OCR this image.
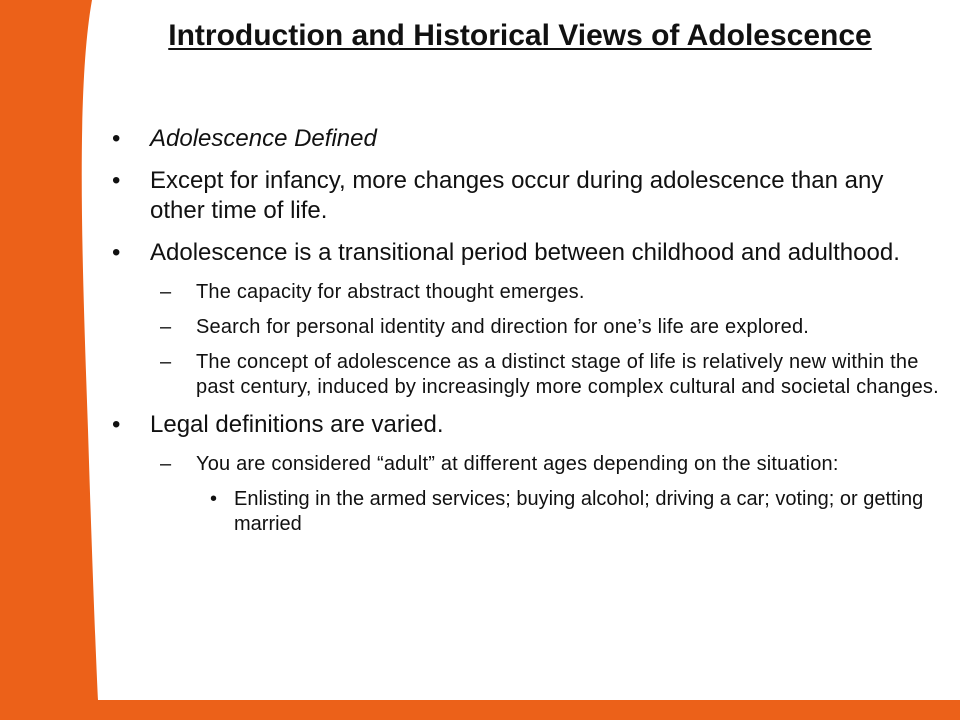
Introduction and Historical Views of Adolescence
• Adolescence Defined
• Except for infancy, more changes occur during adolescence than any other time of life.
• Adolescence is a transitional period between childhood and adulthood.
– The capacity for abstract thought emerges.
– Search for personal identity and direction for one’s life are explored.
– The concept of adolescence as a distinct stage of life is relatively new within the past century, induced by increasingly more complex cultural and societal changes.
• Legal definitions are varied.
– You are considered “adult” at different ages depending on the situation:
• Enlisting in the armed services; buying alcohol; driving a car; voting; or getting married
